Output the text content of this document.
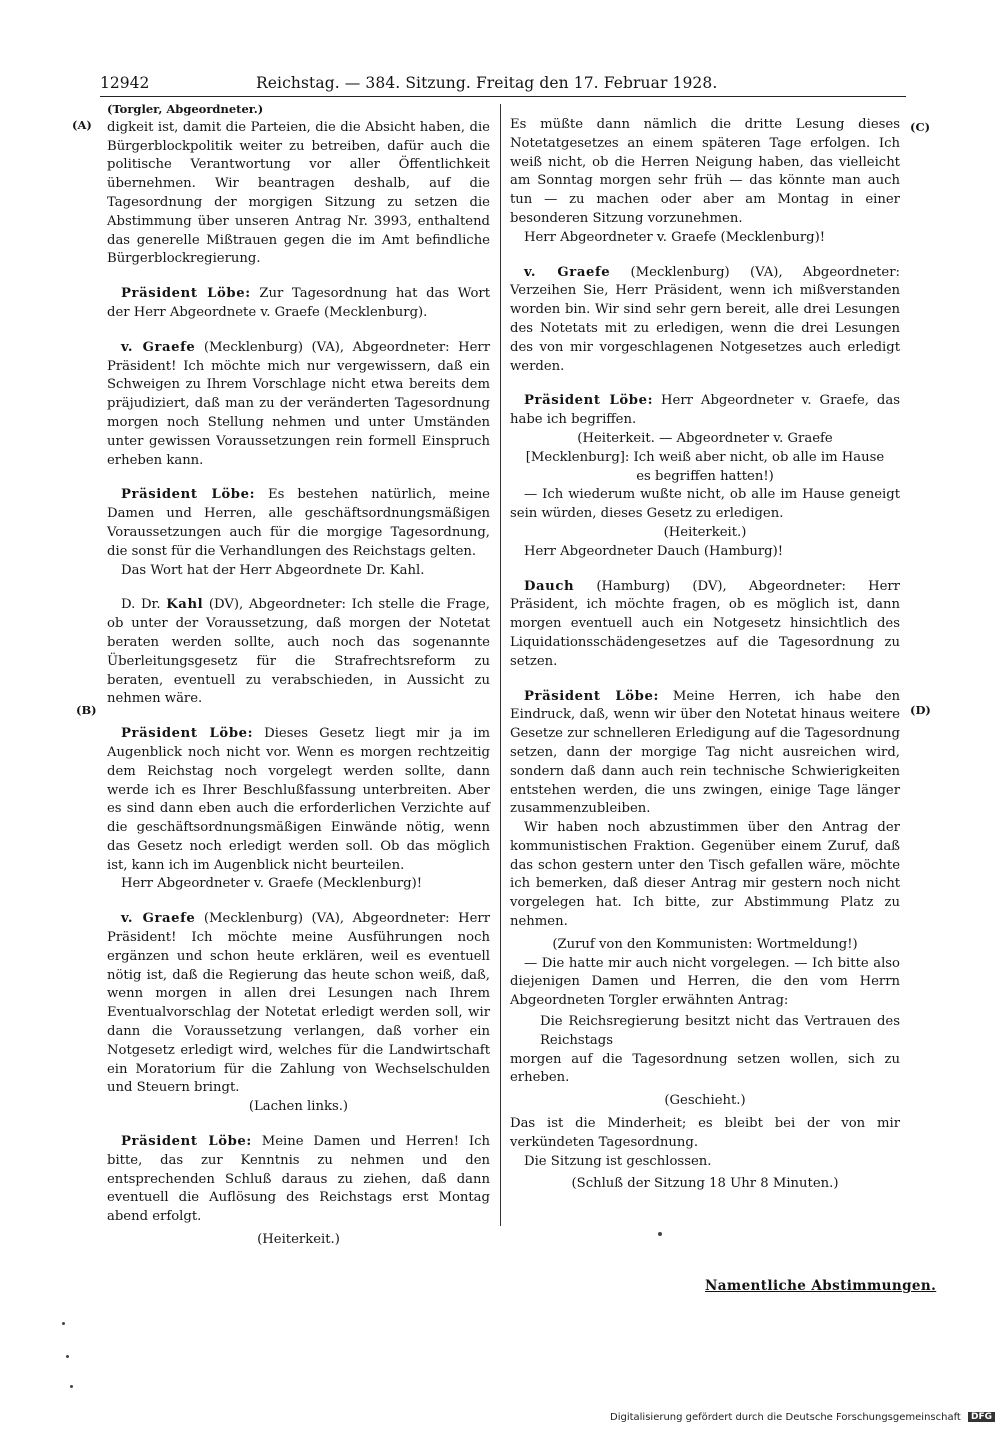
12942	Reichstag. — 384. Sitzung. Freitag den 17. Februar 1928.
(A)
(B)
(C)
(D)

(Torgler, Abgeordneter.)

digkeit ist, damit die Parteien, die die Absicht haben, die Bürgerblockpolitik weiter zu betreiben, dafür auch die politische Verantwortung vor aller Öffentlichkeit übernehmen. Wir beantragen deshalb, auf die Tagesordnung der morgigen Sitzung zu setzen die Abstimmung über unseren Antrag Nr. 3993, enthaltend das generelle Mißtrauen gegen die im Amt befindliche Bürgerblockregierung.

Präsident Löbe: Zur Tagesordnung hat das Wort der Herr Abgeordnete v. Graefe (Mecklenburg).

v. Graefe (Mecklenburg) (VA), Abgeordneter: Herr Präsident! Ich möchte mich nur vergewissern, daß ein Schweigen zu Ihrem Vorschlage nicht etwa bereits dem präjudiziert, daß man zu der veränderten Tagesordnung morgen noch Stellung nehmen und unter Umständen unter gewissen Voraussetzungen rein formell Einspruch erheben kann.

Präsident Löbe: Es bestehen natürlich, meine Damen und Herren, alle geschäftsordnungsmäßigen Voraussetzungen auch für die morgige Tagesordnung, die sonst für die Verhandlungen des Reichstags gelten.

Das Wort hat der Herr Abgeordnete Dr. Kahl.

D. Dr. Kahl (DV), Abgeordneter: Ich stelle die Frage, ob unter der Voraussetzung, daß morgen der Notetat beraten werden sollte, auch noch das sogenannte Überleitungsgesetz für die Strafrechtsreform zu beraten, eventuell zu verabschieden, in Aussicht zu nehmen wäre.

Präsident Löbe: Dieses Gesetz liegt mir ja im Augenblick noch nicht vor. Wenn es morgen rechtzeitig dem Reichstag noch vorgelegt werden sollte, dann werde ich es Ihrer Beschlußfassung unterbreiten. Aber es sind dann eben auch die erforderlichen Verzichte auf die geschäftsordnungsmäßigen Einwände nötig, wenn das Gesetz noch erledigt werden soll. Ob das möglich ist, kann ich im Augenblick nicht beurteilen.

Herr Abgeordneter v. Graefe (Mecklenburg)!

v. Graefe (Mecklenburg) (VA), Abgeordneter: Herr Präsident! Ich möchte meine Ausführungen noch ergänzen und schon heute erklären, weil es eventuell nötig ist, daß die Regierung das heute schon weiß, daß, wenn morgen in allen drei Lesungen nach Ihrem Eventualvorschlag der Notetat erledigt werden soll, wir dann die Voraussetzung verlangen, daß vorher ein Notgesetz erledigt wird, welches für die Landwirtschaft ein Moratorium für die Zahlung von Wechselschulden und Steuern bringt.

(Lachen links.)

Präsident Löbe: Meine Damen und Herren! Ich bitte, das zur Kenntnis zu nehmen und den entsprechenden Schluß daraus zu ziehen, daß dann eventuell die Auflösung des Reichstags erst Montag abend erfolgt.

(Heiterkeit.)

Es müßte dann nämlich die dritte Lesung dieses Notetatgesetzes an einem späteren Tage erfolgen. Ich weiß nicht, ob die Herren Neigung haben, das vielleicht am Sonntag morgen sehr früh — das könnte man auch tun — zu machen oder aber am Montag in einer besonderen Sitzung vorzunehmen.

Herr Abgeordneter v. Graefe (Mecklenburg)!

v. Graefe (Mecklenburg) (VA), Abgeordneter: Verzeihen Sie, Herr Präsident, wenn ich mißverstanden worden bin. Wir sind sehr gern bereit, alle drei Lesungen des Notetats mit zu erledigen, wenn die drei Lesungen des von mir vorgeschlagenen Notgesetzes auch erledigt werden.

Präsident Löbe: Herr Abgeordneter v. Graefe, das habe ich begriffen.

(Heiterkeit. — Abgeordneter v. Graefe [Mecklenburg]: Ich weiß aber nicht, ob alle im Hause es begriffen hatten!)

— Ich wiederum wußte nicht, ob alle im Hause geneigt sein würden, dieses Gesetz zu erledigen.

(Heiterkeit.)

Herr Abgeordneter Dauch (Hamburg)!

Dauch (Hamburg) (DV), Abgeordneter: Herr Präsident, ich möchte fragen, ob es möglich ist, dann morgen eventuell auch ein Notgesetz hinsichtlich des Liquidationsschädengesetzes auf die Tagesordnung zu setzen.

Präsident Löbe: Meine Herren, ich habe den Eindruck, daß, wenn wir über den Notetat hinaus weitere Gesetze zur schnelleren Erledigung auf die Tagesordnung setzen, dann der morgige Tag nicht ausreichen wird, sondern daß dann auch rein technische Schwierigkeiten entstehen werden, die uns zwingen, einige Tage länger zusammenzubleiben.

Wir haben noch abzustimmen über den Antrag der kommunistischen Fraktion. Gegenüber einem Zuruf, daß das schon gestern unter den Tisch gefallen wäre, möchte ich bemerken, daß dieser Antrag mir gestern noch nicht vorgelegen hat. Ich bitte, zur Abstimmung Platz zu nehmen.

(Zuruf von den Kommunisten: Wortmeldung!)

— Die hatte mir auch nicht vorgelegen. — Ich bitte also diejenigen Damen und Herren, die den vom Herrn Abgeordneten Torgler erwähnten Antrag:

Die Reichsregierung besitzt nicht das Vertrauen des Reichstags

morgen auf die Tagesordnung setzen wollen, sich zu erheben.

(Geschieht.)

Das ist die Minderheit; es bleibt bei der von mir verkündeten Tagesordnung.

Die Sitzung ist geschlossen.

(Schluß der Sitzung 18 Uhr 8 Minuten.)

Namentliche Abstimmungen.
Digitalisierung gefördert durch die Deutsche Forschungsgemeinschaft DFG
